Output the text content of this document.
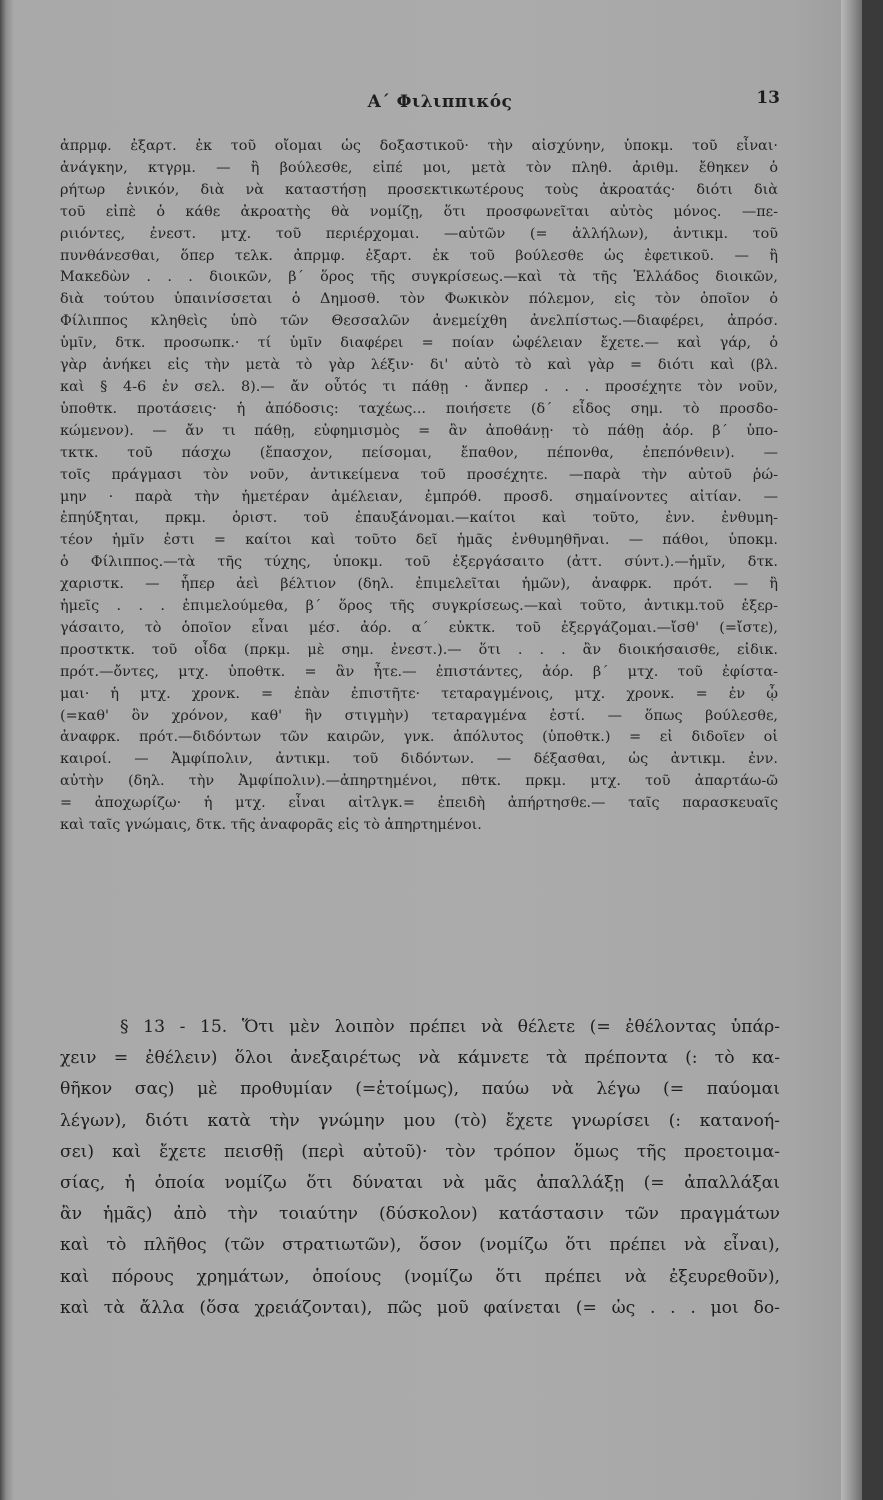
Α΄ Φιλιππικός	13

ἀπρμφ. ἐξαρτ. ἐκ τοῦ οἴομαι ὡς δοξαστικοῦ· τὴν αἰσχύνην, ὑποκμ. τοῦ εἶναι·

ἀνάγκην, κτγρμ. — ἢ βούλεσθε, εἰπέ μοι, μετὰ τὸν πληθ. ἀριθμ. ἔθηκεν ὁ

ρήτωρ ἑνικόν, διὰ νὰ καταστήσῃ προσεκτικωτέρους τοὺς ἀκροατάς· διότι διὰ

τοῦ εἰπὲ ὁ κάθε ἀκροατὴς θὰ νομίζῃ, ὅτι προσφωνεῖται αὐτὸς μόνος. —πε-

ριιόντες, ἐνεστ. μτχ. τοῦ περιέρχομαι. —αὐτῶν (= ἀλλήλων), ἀντικμ. τοῦ

πυνθάνεσθαι, ὅπερ τελκ. ἀπρμφ. ἐξαρτ. ἐκ τοῦ βούλεσθε ὡς ἐφετικοῦ. — ἢ

Μακεδὼν . . . διοικῶν, β΄ ὅρος τῆς συγκρίσεως.—καὶ τὰ τῆς Ἑλλάδος διοικῶν,

διὰ τούτου ὑπαινίσσεται ὁ Δημοσθ. τὸν Φωκικὸν πόλεμον, εἰς τὸν ὁποῖον ὁ

Φίλιππος κληθεὶς ὑπὸ τῶν Θεσσαλῶν ἀνεμείχθη ἀνελπίστως.—διαφέρει, ἀπρόσ.

ὑμῖν, δτκ. προσωπκ.· τί ὑμῖν διαφέρει = ποίαν ὠφέλειαν ἔχετε.— καὶ γάρ, ὁ

γὰρ ἀνήκει εἰς τὴν μετὰ τὸ γὰρ λέξιν· δι' αὐτὸ τὸ καὶ γὰρ = διότι καὶ (βλ.

καὶ § 4-6 ἐν σελ. 8).— ἄν οὗτός τι πάθῃ · ἄνπερ . . . προσέχητε τὸν νοῦν,

ὑποθτκ. προτάσεις· ἡ ἀπόδοσις: ταχέως... ποιήσετε (δ΄ εἶδος σημ. τὸ προσδο-

κώμενον). — ἄν τι πάθῃ, εὐφημισμὸς = ἂν ἀποθάνῃ· τὸ πάθῃ ἀόρ. β΄ ὑπο-

τκτκ. τοῦ πάσχω (ἔπασχον, πείσομαι, ἔπαθον, πέπονθα, ἐπεπόνθειν). —

τοῖς πράγμασι τὸν νοῦν, ἀντικείμενα τοῦ προσέχητε. —παρὰ τὴν αὐτοῦ ῥώ-

μην · παρὰ τὴν ἡμετέραν ἀμέλειαν, ἐμπρόθ. προσδ. σημαίνοντες αἰτίαν. —

ἐπηύξηται, πρκμ. ὁριστ. τοῦ ἐπαυξάνομαι.—καίτοι καὶ τοῦτο, ἐνν. ἐνθυμη-

τέον ἡμῖν ἐστι = καίτοι καὶ τοῦτο δεῖ ἡμᾶς ἐνθυμηθῆναι. — πάθοι, ὑποκμ.

ὁ Φίλιππος.—τὰ τῆς τύχης, ὑποκμ. τοῦ ἐξεργάσαιτο (ἀττ. σύντ.).—ἡμῖν, δτκ.

χαριστκ. — ἧπερ ἀεὶ βέλτιον (δηλ. ἐπιμελεῖται ἡμῶν), ἀναφρκ. πρότ. — ἢ

ἡμεῖς . . . ἐπιμελούμεθα, β΄ ὅρος τῆς συγκρίσεως.—καὶ τοῦτο, ἀντικμ.τοῦ ἐξερ-

γάσαιτο, τὸ ὁποῖον εἶναι μέσ. ἀόρ. α΄ εὐκτκ. τοῦ ἐξεργάζομαι.—ἴσθ' (=ἴστε),

προστκτκ. τοῦ οἶδα (πρκμ. μὲ σημ. ἐνεστ.).— ὅτι . . . ἂν διοικήσαισθε, εἰδικ.

πρότ.—ὄντες, μτχ. ὑποθτκ. = ἂν ἦτε.— ἐπιστάντες, ἀόρ. β΄ μτχ. τοῦ ἐφίστα-

μαι· ἡ μτχ. χρονκ. = ἐπὰν ἐπιστῆτε· τεταραγμένοις, μτχ. χρονκ. = ἐν ᾧ

(=καθ' ὃν χρόνον, καθ' ἣν στιγμὴν) τεταραγμένα ἐστί. — ὅπως βούλεσθε,

ἀναφρκ. πρότ.—διδόντων τῶν καιρῶν, γνκ. ἀπόλυτος (ὑποθτκ.) = εἰ διδοῖεν οἱ

καιροί. — Ἀμφίπολιν, ἀντικμ. τοῦ διδόντων. — δέξασθαι, ὡς ἀντικμ. ἐνν.

αὐτὴν (δηλ. τὴν Ἀμφίπολιν).—ἀπηρτημένοι, πθτκ. πρκμ. μτχ. τοῦ ἀπαρτάω-ῶ

= ἀποχωρίζω· ἡ μτχ. εἶναι αἰτλγκ.= ἐπειδὴ ἀπήρτησθε.— ταῖς παρασκευαῖς

καὶ ταῖς γνώμαις, δτκ. τῆς ἀναφορᾶς εἰς τὸ ἀπηρτημένοι.

§ 13 - 15. Ὅτι μὲν λοιπὸν πρέπει νὰ θέλετε (= ἐθέλοντας ὑπάρ-

χειν = ἐθέλειν) ὅλοι ἀνεξαιρέτως νὰ κάμνετε τὰ πρέποντα (: τὸ κα-

θῆκον σας) μὲ προθυμίαν (=ἑτοίμως), παύω νὰ λέγω (= παύομαι

λέγων), διότι κατὰ τὴν γνώμην μου (τὸ) ἔχετε γνωρίσει (: κατανοή-

σει) καὶ ἔχετε πεισθῇ (περὶ αὐτοῦ)· τὸν τρόπον ὅμως τῆς προετοιμα-

σίας, ἡ ὁποία νομίζω ὅτι δύναται νὰ μᾶς ἀπαλλάξῃ (= ἀπαλλάξαι

ἂν ἡμᾶς) ἀπὸ τὴν τοιαύτην (δύσκολον) κατάστασιν τῶν πραγμάτων

καὶ τὸ πλῆθος (τῶν στρατιωτῶν), ὅσον (νομίζω ὅτι πρέπει νὰ εἶναι),

καὶ πόρους χρημάτων, ὁποίους (νομίζω ὅτι πρέπει νὰ ἐξευρεθοῦν),

καὶ τὰ ἄλλα (ὅσα χρειάζονται), πῶς μοῦ φαίνεται (= ὡς . . . μοι δο-
